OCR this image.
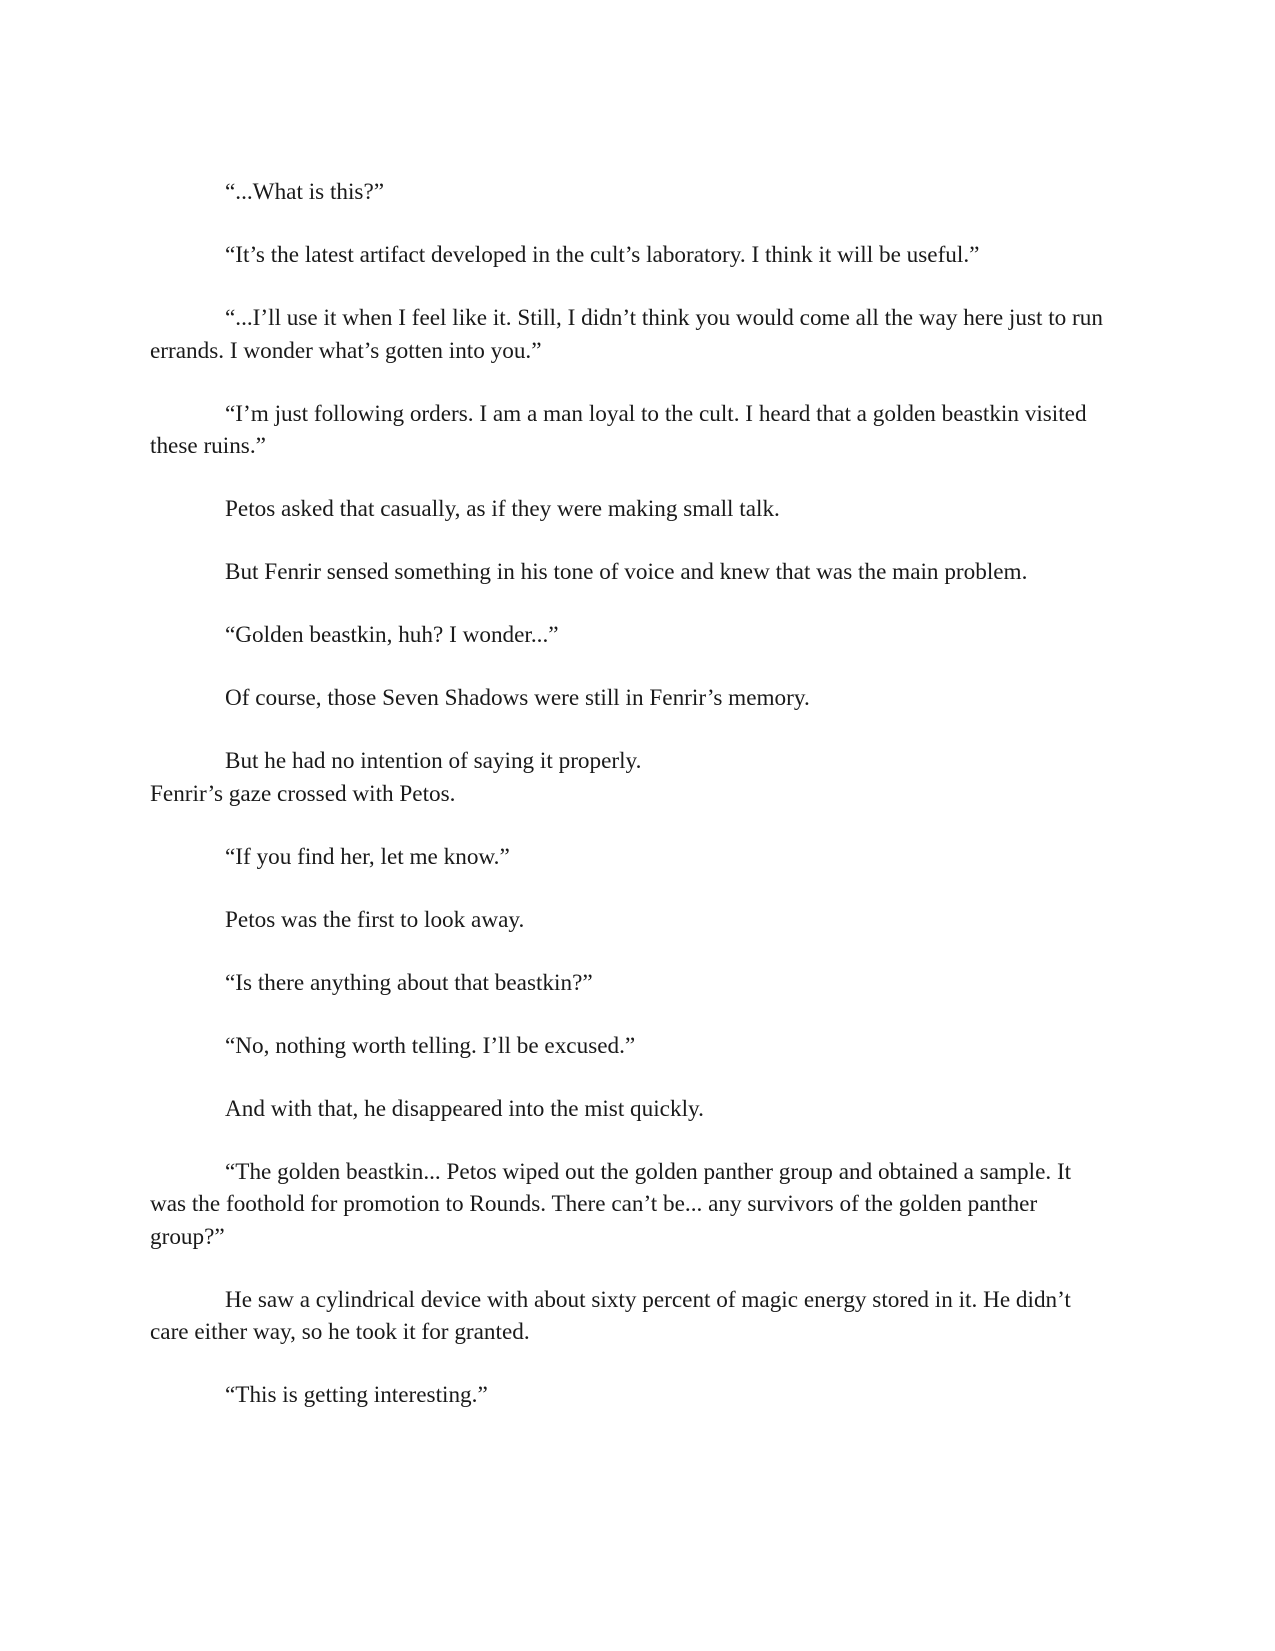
“...What is this?”

“It’s the latest artifact developed in the cult’s laboratory. I think it will be useful.”

“...I’ll use it when I feel like it. Still, I didn’t think you would come all the way here just to run errands. I wonder what’s gotten into you.”

“I’m just following orders. I am a man loyal to the cult. I heard that a golden beastkin visited these ruins.”

Petos asked that casually, as if they were making small talk.

But Fenrir sensed something in his tone of voice and knew that was the main problem.

“Golden beastkin, huh? I wonder...”

Of course, those Seven Shadows were still in Fenrir’s memory.

But he had no intention of saying it properly.
Fenrir’s gaze crossed with Petos.

“If you find her, let me know.”

Petos was the first to look away.

“Is there anything about that beastkin?”

“No, nothing worth telling. I’ll be excused.”

And with that, he disappeared into the mist quickly.

“The golden beastkin... Petos wiped out the golden panther group and obtained a sample. It was the foothold for promotion to Rounds. There can’t be... any survivors of the golden panther group?”

He saw a cylindrical device with about sixty percent of magic energy stored in it. He didn’t care either way, so he took it for granted.

“This is getting interesting.”
